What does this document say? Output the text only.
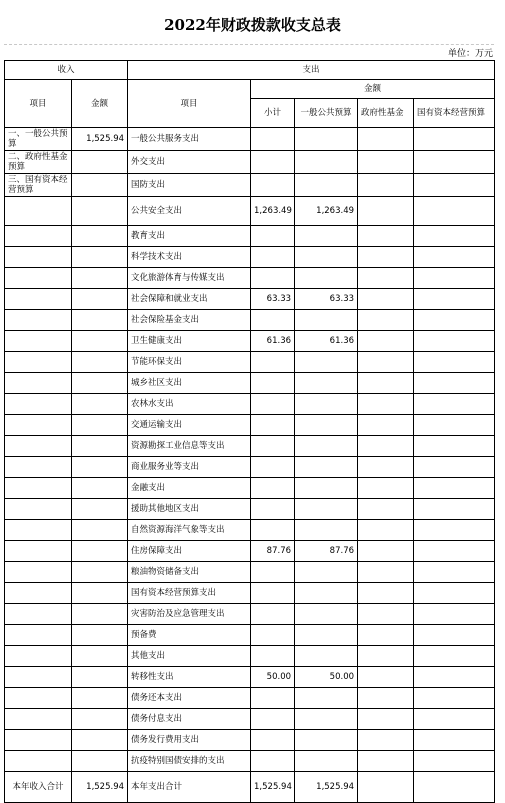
2022年财政拨款收支总表
单位：万元
收入		支出				
项目	金额	项目	金额			
			小计	一般公共预算	政府性基金	国有资本经营预算

一、一般公共预算	1,525.94	一般公共服务支出				
二、政府性基金预算		外交支出				
三、国有资本经营预算		国防支出				
		公共安全支出	1,263.49	1,263.49		
		教育支出				
		科学技术支出				
		文化旅游体育与传媒支出				
		社会保障和就业支出	63.33	63.33		
		社会保险基金支出				
		卫生健康支出	61.36	61.36		
		节能环保支出				
		城乡社区支出				
		农林水支出				
		交通运输支出				
		资源勘探工业信息等支出				
		商业服务业等支出				
		金融支出				
		援助其他地区支出				
		自然资源海洋气象等支出				
		住房保障支出	87.76	87.76		
		粮油物资储备支出				
		国有资本经营预算支出				
		灾害防治及应急管理支出				
		预备费				
		其他支出				
		转移性支出	50.00	50.00		
		债务还本支出				
		债务付息支出				
		债务发行费用支出				
		抗疫特别国债安排的支出				
本年收入合计	1,525.94	本年支出合计	1,525.94	1,525.94		
